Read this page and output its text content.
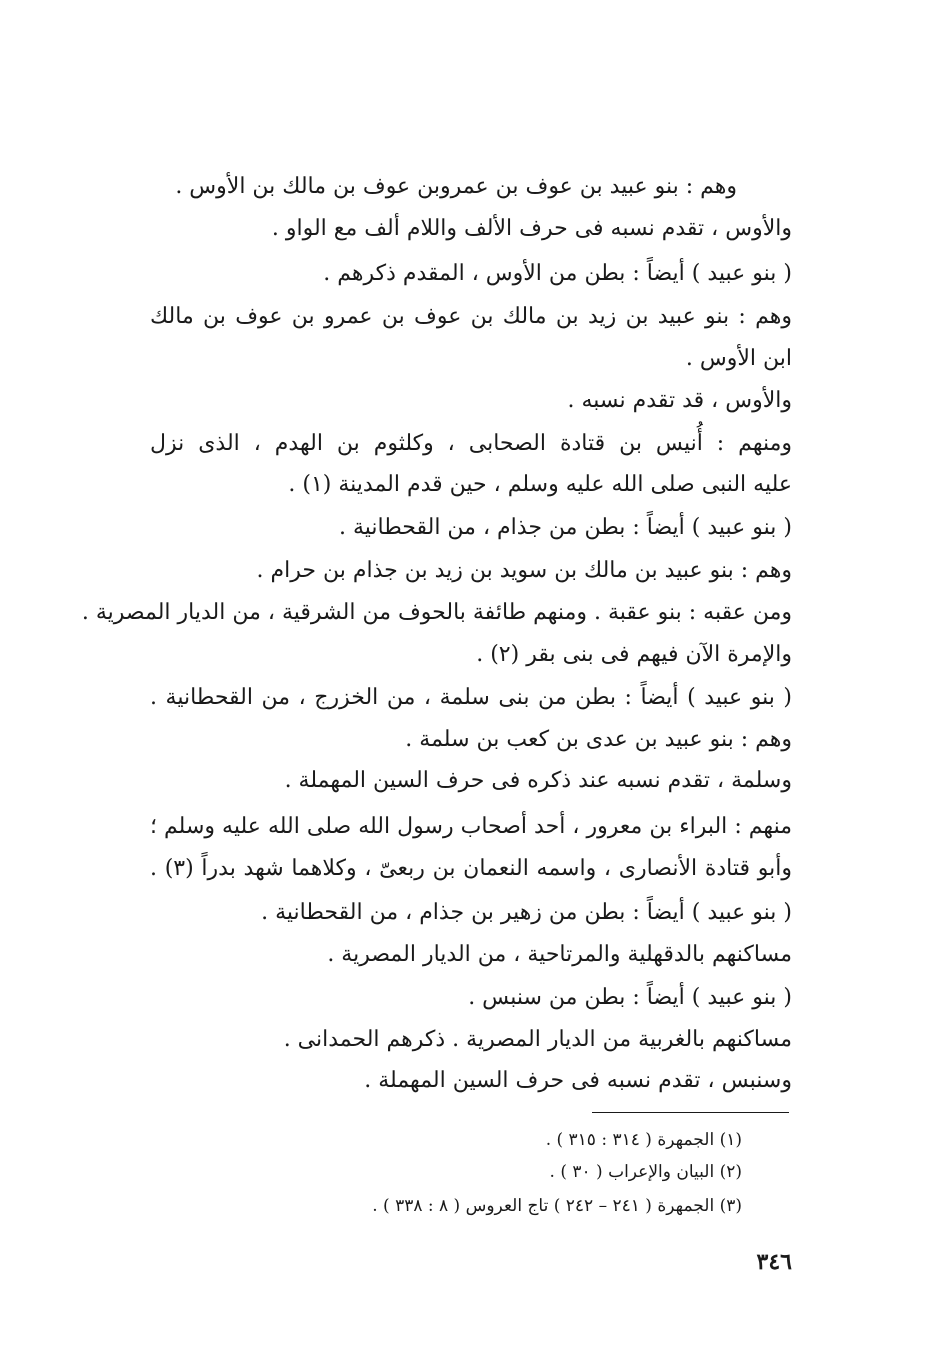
وهم : بنو عبيد بن عوف بن عمروبن عوف بن مالك بن الأوس .
والأوس ، تقدم نسبه فى حرف الألف واللام ألف مع الواو .
( بنو عبيد ) أيضاً : بطن من الأوس ، المقدم ذكرهم .
وهم : بنو عبيد بن زيد بن مالك بن عوف بن عمرو بن عوف بن مالك
ابن الأوس .
والأوس ، قد تقدم نسبه .
ومنهم : أُنيس بن قتادة الصحابى ، وكلثوم بن الهدم ، الذى نزل
عليه النبى صلى الله عليه وسلم ، حين قدم المدينة (١) .
( بنو عبيد ) أيضاً : بطن من جذام ، من القحطانية .
وهم : بنو عبيد بن مالك بن سويد بن زيد بن جذام بن حرام .
ومن عقبه : بنو عقبة . ومنهم طائفة بالحوف من الشرقية ، من الديار المصرية .
والإمرة الآن فيهم فى بنى بقر (٢) .
( بنو عبيد ) أيضاً : بطن من بنى سلمة ، من الخزرج ، من القحطانية .
وهم : بنو عبيد بن عدى بن كعب بن سلمة .
وسلمة ، تقدم نسبه عند ذكره فى حرف السين المهملة .
منهم : البراء بن معرور ، أحد أصحاب رسول الله صلى الله عليه وسلم ؛
وأبو قتادة الأنصارى ، واسمه النعمان بن ربعىّ ، وكلاهما شهد بدراً (٣) .
( بنو عبيد ) أيضاً : بطن من زهير بن جذام ، من القحطانية .
مساكنهم بالدقهلية والمرتاحية ، من الديار المصرية .
( بنو عبيد ) أيضاً : بطن من سنبس .
مساكنهم بالغربية من الديار المصرية . ذكرهم الحمدانى .
وسنبس ، تقدم نسبه فى حرف السين المهملة .
(١) الجمهرة ( ٣١٤ : ٣١٥ ) .
(٢) البيان والإعراب ( ٣٠ ) .
(٣) الجمهرة ( ٢٤١ – ٢٤٢ ) تاج العروس ( ٨ : ٣٣٨ ) .
٣٤٦
